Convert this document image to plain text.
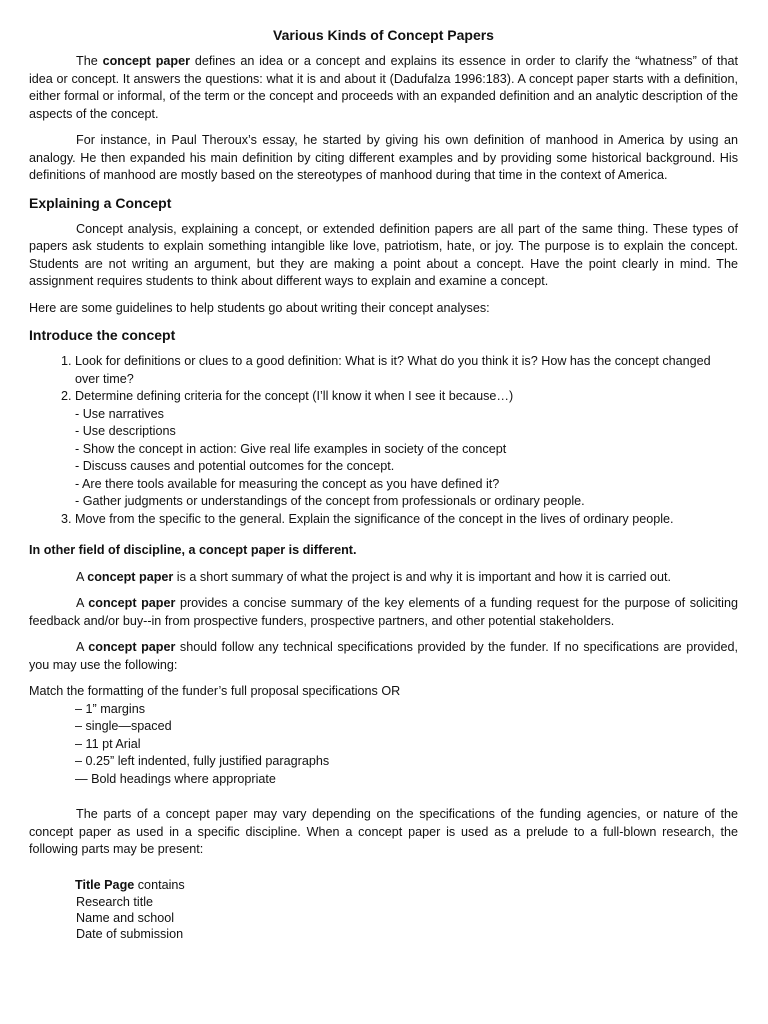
Various Kinds of Concept Papers

The concept paper defines an idea or a concept and explains its essence in order to clarify the “whatness” of that idea or concept. It answers the questions: what it is and about it (Dadufalza 1996:183). A concept paper starts with a definition, either formal or informal, of the term or the concept and proceeds with an expanded definition and an analytic description of the aspects of the concept.

For instance, in Paul Theroux’s essay, he started by giving his own definition of manhood in America by using an analogy. He then expanded his main definition by citing different examples and by providing some historical background. His definitions of manhood are mostly based on the stereotypes of manhood during that time in the context of America.

Explaining a Concept

Concept analysis, explaining a concept, or extended definition papers are all part of the same thing. These types of papers ask students to explain something intangible like love, patriotism, hate, or joy. The purpose is to explain the concept. Students are not writing an argument, but they are making a point about a concept. Have the point clearly in mind. The assignment requires students to think about different ways to explain and examine a concept.

Here are some guidelines to help students go about writing their concept analyses:

Introduce the concept
1. Look for definitions or clues to a good definition: What is it? What do you think it is? How has the concept changed over time?
2. Determine defining criteria for the concept (I’ll know it when I see it because…)
- Use narratives
- Use descriptions
- Show the concept in action: Give real life examples in society of the concept
- Discuss causes and potential outcomes for the concept.
- Are there tools available for measuring the concept as you have defined it?
- Gather judgments or understandings of the concept from professionals or ordinary people.
3. Move from the specific to the general. Explain the significance of the concept in the lives of ordinary people.

In other field of discipline, a concept paper is different.

A concept paper is a short summary of what the project is and why it is important and how it is carried out.

A concept paper provides a concise summary of the key elements of a funding request for the purpose of soliciting feedback and/or buy--in from prospective funders, prospective partners, and other potential stakeholders.

A concept paper should follow any technical specifications provided by the funder. If no specifications are provided, you may use the following:

Match the formatting of the funder’s full proposal specifications OR
– 1” margins
– single—spaced
– 11 pt Arial
– 0.25” left indented, fully justified paragraphs
— Bold headings where appropriate

The parts of a concept paper may vary depending on the specifications of the funding agencies, or nature of the concept paper as used in a specific discipline. When a concept paper is used as a prelude to a full-blown research, the following parts may be present:

Title Page contains
Research title
Name and school
Date of submission
